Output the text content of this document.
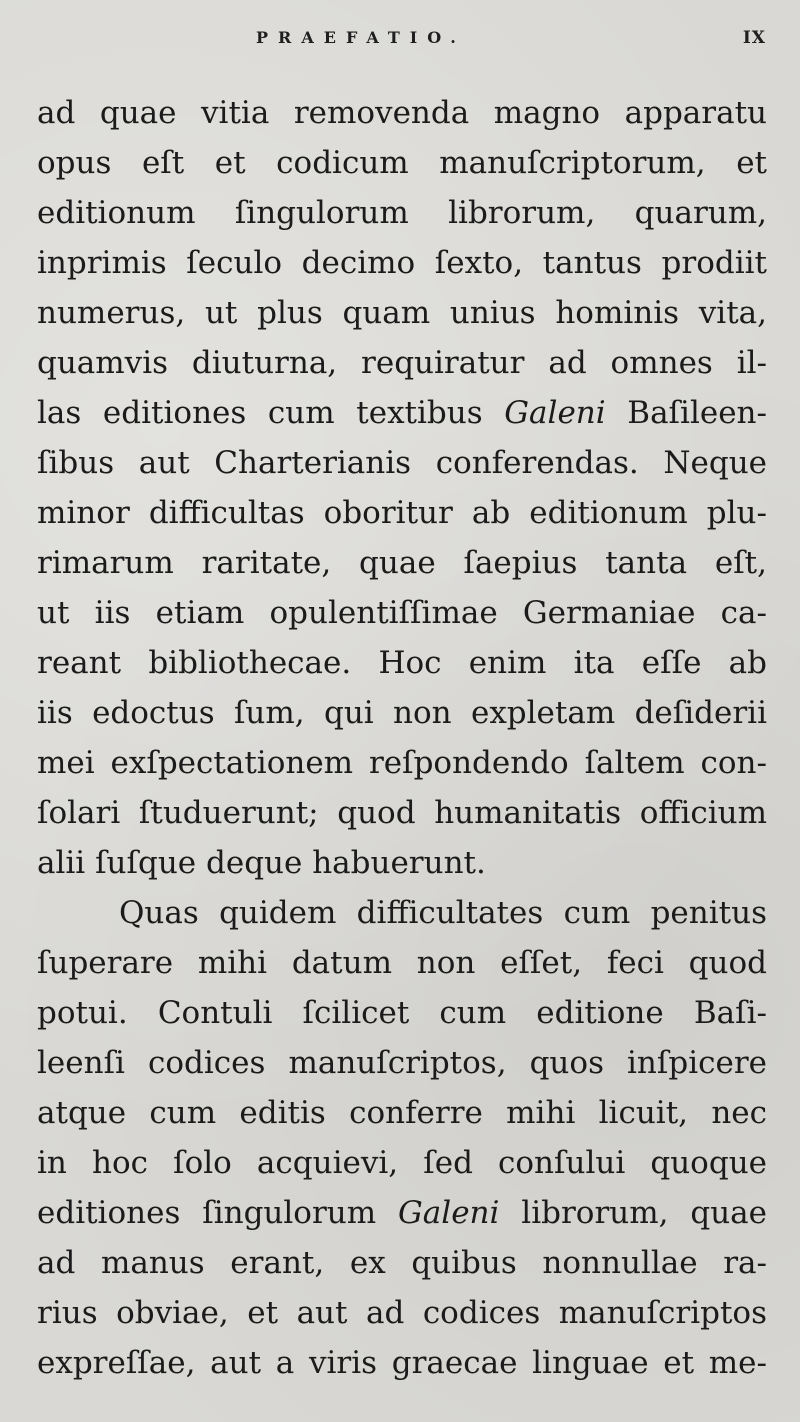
PRAEFATIO.	IX
ad quae vitia removenda magno apparatu
opus eſt et codicum manuſcriptorum, et
editionum ſingulorum librorum, quarum,
inprimis ſeculo decimo ſexto, tantus prodiit
numerus, ut plus quam unius hominis vita,
quamvis diuturna, requiratur ad omnes il-
las editiones cum textibus Galeni Baſileen-
ſibus aut Charterianis conferendas. Neque
minor difficultas oboritur ab editionum plu-
rimarum raritate, quae ſaepius tanta eſt,
ut iis etiam opulentiſſimae Germaniae ca-
reant bibliothecae. Hoc enim ita eſſe ab
iis edoctus ſum, qui non expletam deſiderii
mei exſpectationem reſpondendo ſaltem con-
ſolari ſtuduerunt; quod humanitatis officium
alii ſuſque deque habuerunt.
Quas quidem difficultates cum penitus
ſuperare mihi datum non eſſet, feci quod
potui. Contuli ſcilicet cum editione Baſi-
leenſi codices manuſcriptos, quos inſpicere
atque cum editis conferre mihi licuit, nec
in hoc ſolo acquievi, ſed conſului quoque
editiones ſingulorum Galeni librorum, quae
ad manus erant, ex quibus nonnullae ra-
rius obviae, et aut ad codices manuſcriptos
expreſſae, aut a viris graecae linguae et me-
